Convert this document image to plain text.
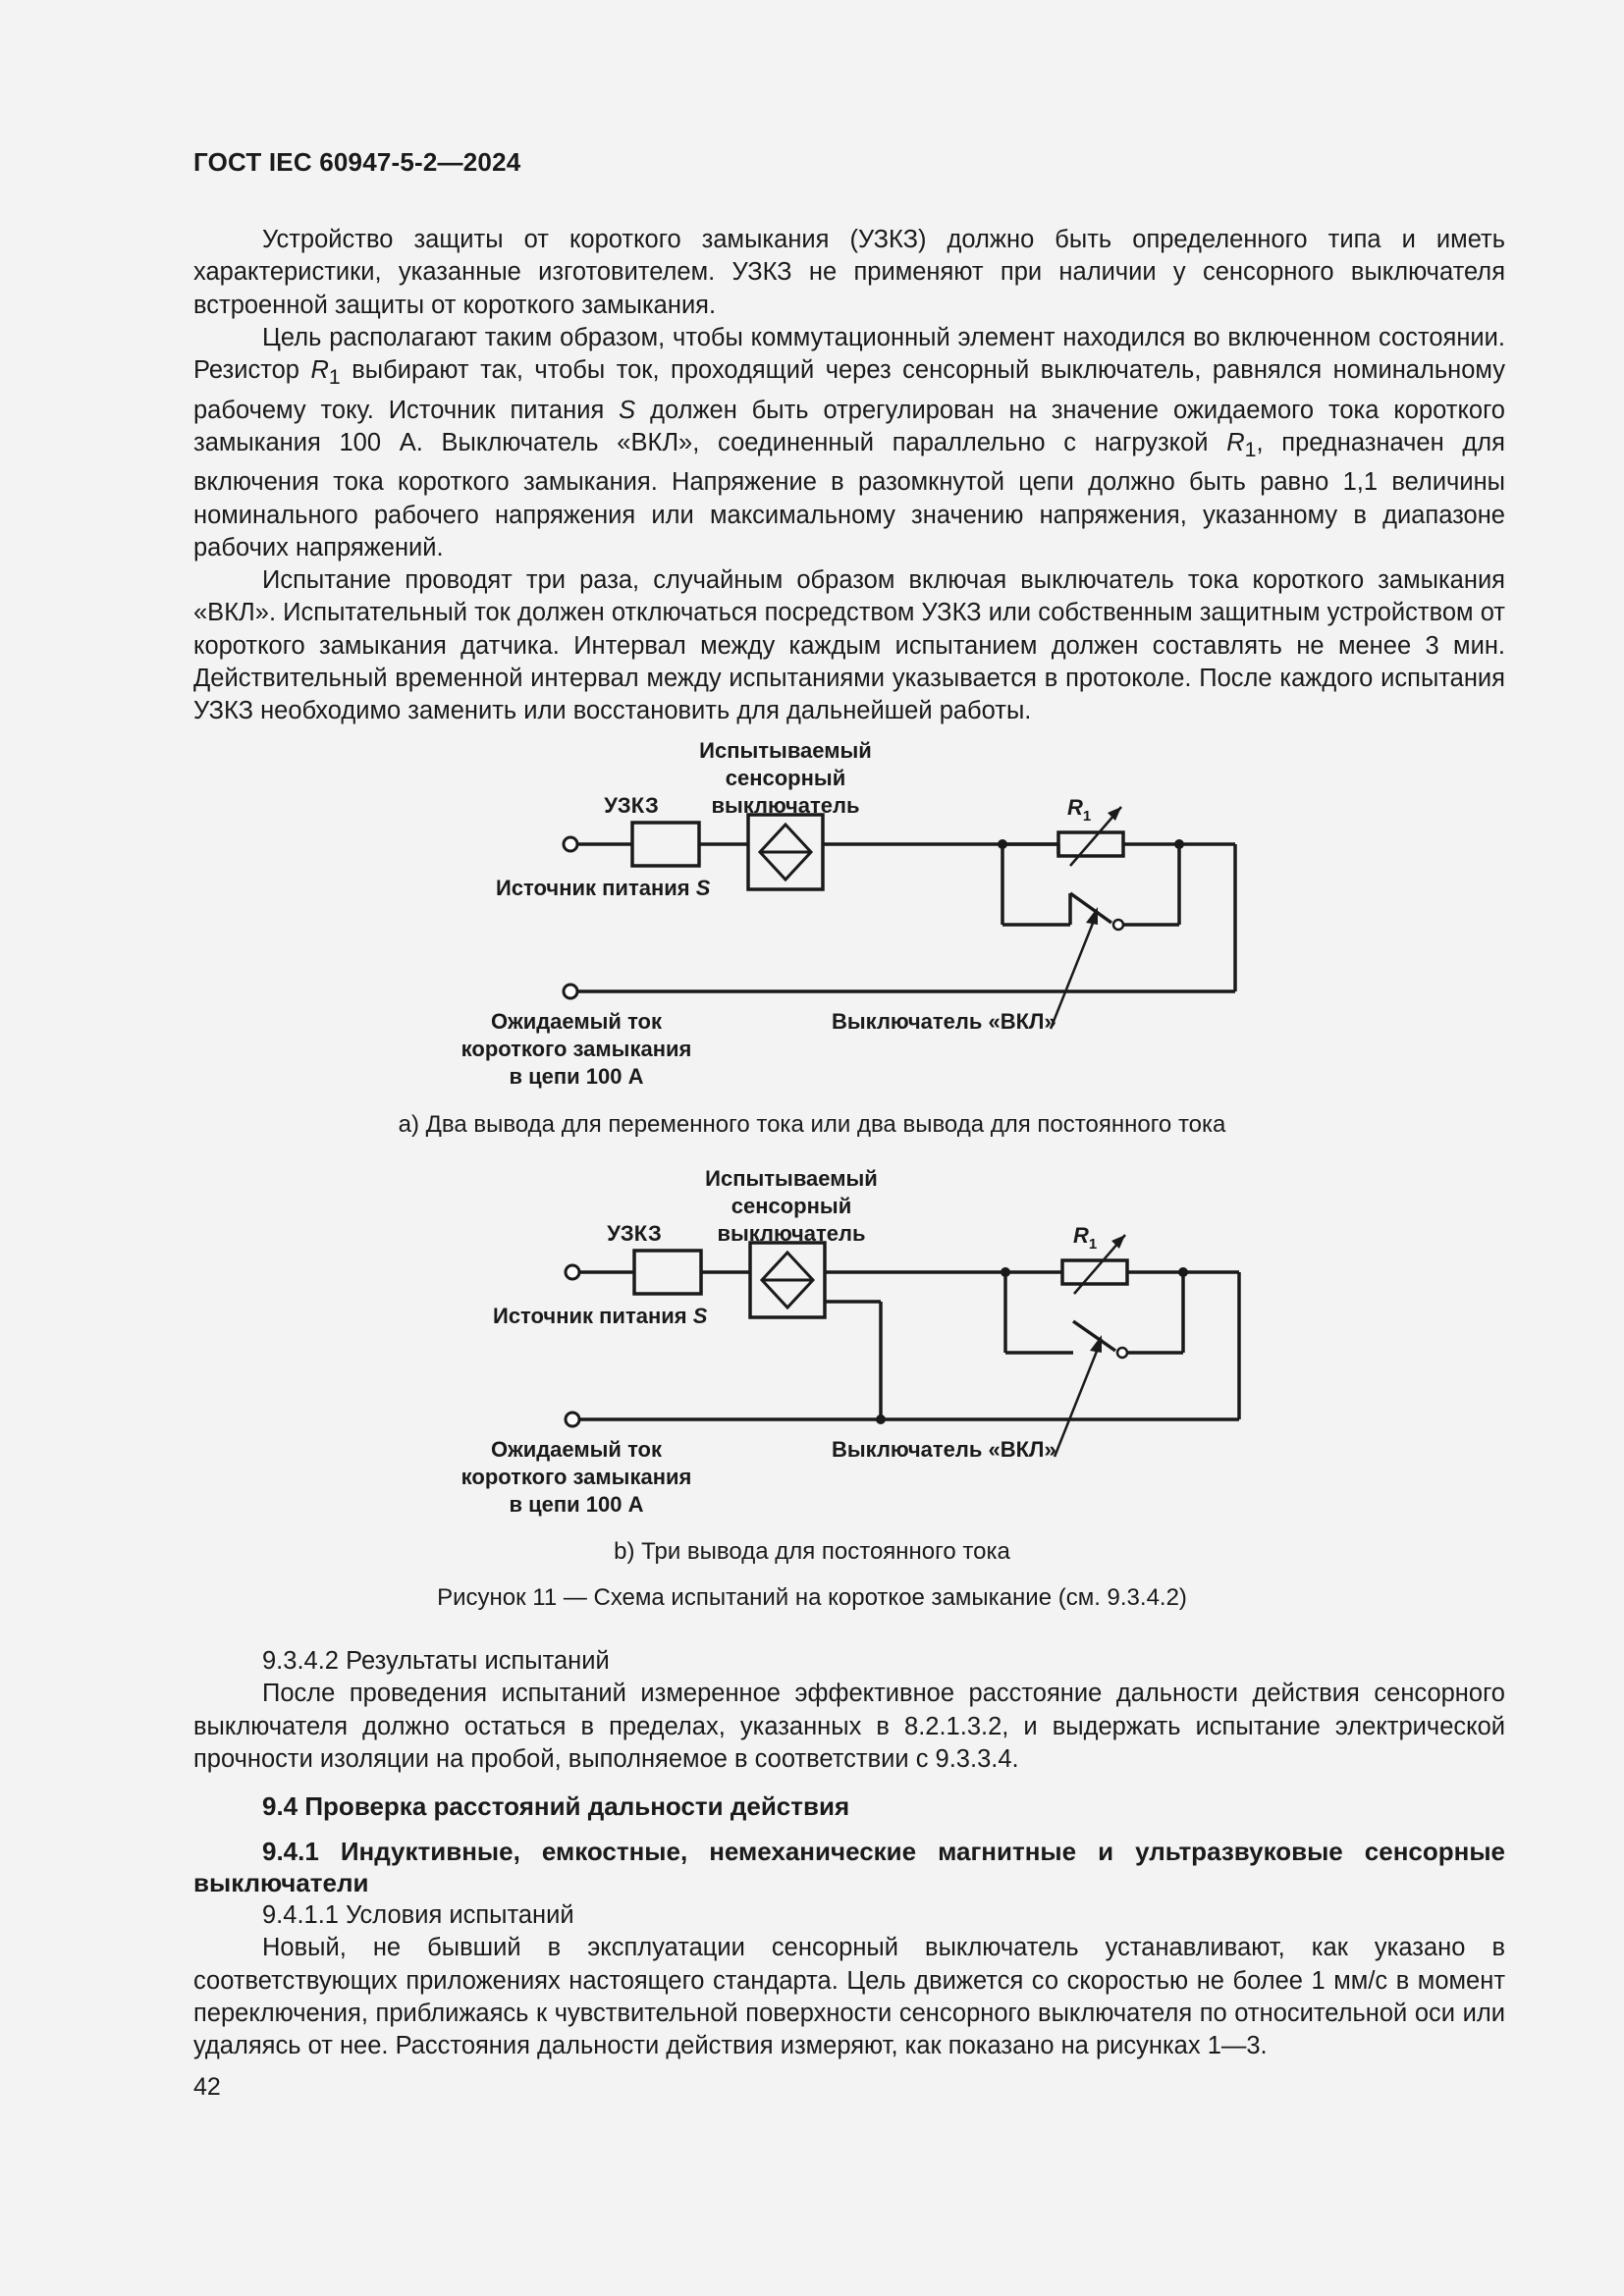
ГОСТ IEC 60947-5-2—2024

Устройство защиты от короткого замыкания (УЗКЗ) должно быть определенного типа и иметь характеристики, указанные изготовителем. УЗКЗ не применяют при наличии у сенсорного выключателя встроенной защиты от короткого замыкания.

Цель располагают таким образом, чтобы коммутационный элемент находился во включенном состоянии. Резистор $R_1$ выбирают так, чтобы ток, проходящий через сенсорный выключатель, равнялся номинальному рабочему току. Источник питания S должен быть отрегулирован на значение ожидаемого тока короткого замыкания 100 А. Выключатель «ВКЛ», соединенный параллельно с нагрузкой $R_1$, предназначен для включения тока короткого замыкания. Напряжение в разомкнутой цепи должно быть равно 1,1 величины номинального рабочего напряжения или максимальному значению напряжения, указанному в диапазоне рабочих напряжений.

Испытание проводят три раза, случайным образом включая выключатель тока короткого замыкания «ВКЛ». Испытательный ток должен отключаться посредством УЗКЗ или собственным защитным устройством от короткого замыкания датчика. Интервал между каждым испытанием должен составлять не менее 3 мин. Действительный временной интервал между испытаниями указывается в протоколе. После каждого испытания УЗКЗ необходимо заменить или восстановить для дальнейшей работы.

Испытываемый
сенсорный
выключатель
УЗКЗ	$R_1$
Источник питания S
Ожидаемый ток
короткого замыкания
в цепи 100 А
Выключатель «ВКЛ»
a) Два вывода для переменного тока или два вывода для постоянного тока
Испытываемый
сенсорный
выключатель
УЗКЗ	$R_1$
Источник питания S
Ожидаемый ток
короткого замыкания
в цепи 100 А
Выключатель «ВКЛ»
b) Три вывода для постоянного тока
Рисунок 11 — Схема испытаний на короткое замыкание (см. 9.3.4.2)

9.3.4.2 Результаты испытаний

После проведения испытаний измеренное эффективное расстояние дальности действия сенсорного выключателя должно остаться в пределах, указанных в 8.2.1.3.2, и выдержать испытание электрической прочности изоляции на пробой, выполняемое в соответствии с 9.3.3.4.

9.4 Проверка расстояний дальности действия
9.4.1 Индуктивные, емкостные, немеханические магнитные и ультразвуковые сенсорные выключатели

9.4.1.1 Условия испытаний

Новый, не бывший в эксплуатации сенсорный выключатель устанавливают, как указано в соответствующих приложениях настоящего стандарта. Цель движется со скоростью не более 1 мм/с в момент переключения, приближаясь к чувствительной поверхности сенсорного выключателя по относительной оси или удаляясь от нее. Расстояния дальности действия измеряют, как показано на рисунках 1—3.

42
